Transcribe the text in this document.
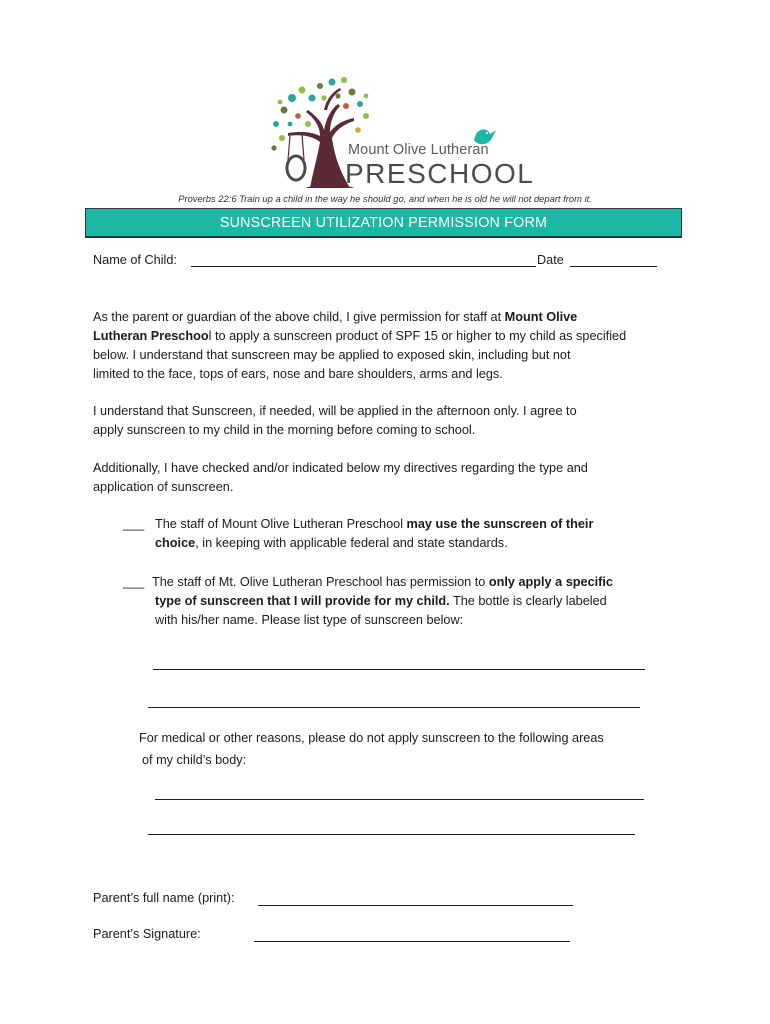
Mount Olive Lutheran
PRESCHOOL
Proverbs 22:6 Train up a child in the way he should go, and when he is old he will not depart from it.
SUNSCREEN UTILIZATION PERMISSION FORM
Name of Child:	Date
As the parent or guardian of the above child, I give permission for staff at Mount Olive
Lutheran Preschool to apply a sunscreen product of SPF 15 or higher to my child as specified
below. I understand that sunscreen may be applied to exposed skin, including but not
limited to the face, tops of ears, nose and bare shoulders, arms and legs.
I understand that Sunscreen, if needed, will be applied in the afternoon only. I agree to
apply sunscreen to my child in the morning before coming to school.
Additionally, I have checked and/or indicated below my directives regarding the type and
application of sunscreen.
___ The staff of Mount Olive Lutheran Preschool may use the sunscreen of their
choice, in keeping with applicable federal and state standards.
___ The staff of Mt. Olive Lutheran Preschool has permission to only apply a specific
type of sunscreen that I will provide for my child. The bottle is clearly labeled
with his/her name. Please list type of sunscreen below:
For medical or other reasons, please do not apply sunscreen to the following areas
of my child’s body:
Parent’s full name (print):
Parent’s Signature:
